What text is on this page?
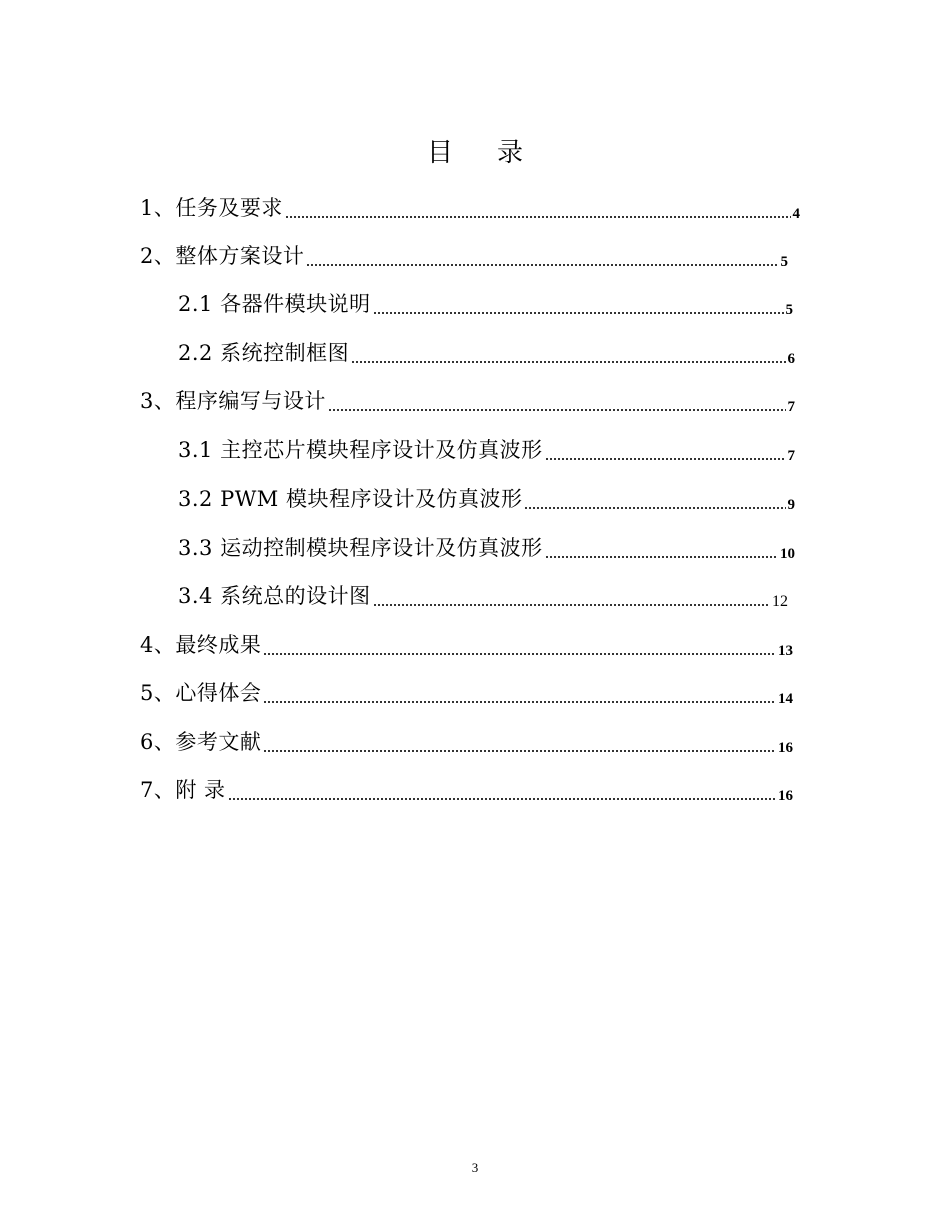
目 录
1、任务及要求	4
2、整体方案设计	5
2.1 各器件模块说明	5
2.2 系统控制框图	6
3、程序编写与设计	7
3.1 主控芯片模块程序设计及仿真波形	7
3.2 PWM 模块程序设计及仿真波形	9
3.3 运动控制模块程序设计及仿真波形	10
3.4 系统总的设计图	12
4、最终成果	13
5、心得体会	14
6、参考文献	16
7、附 录	16
3
